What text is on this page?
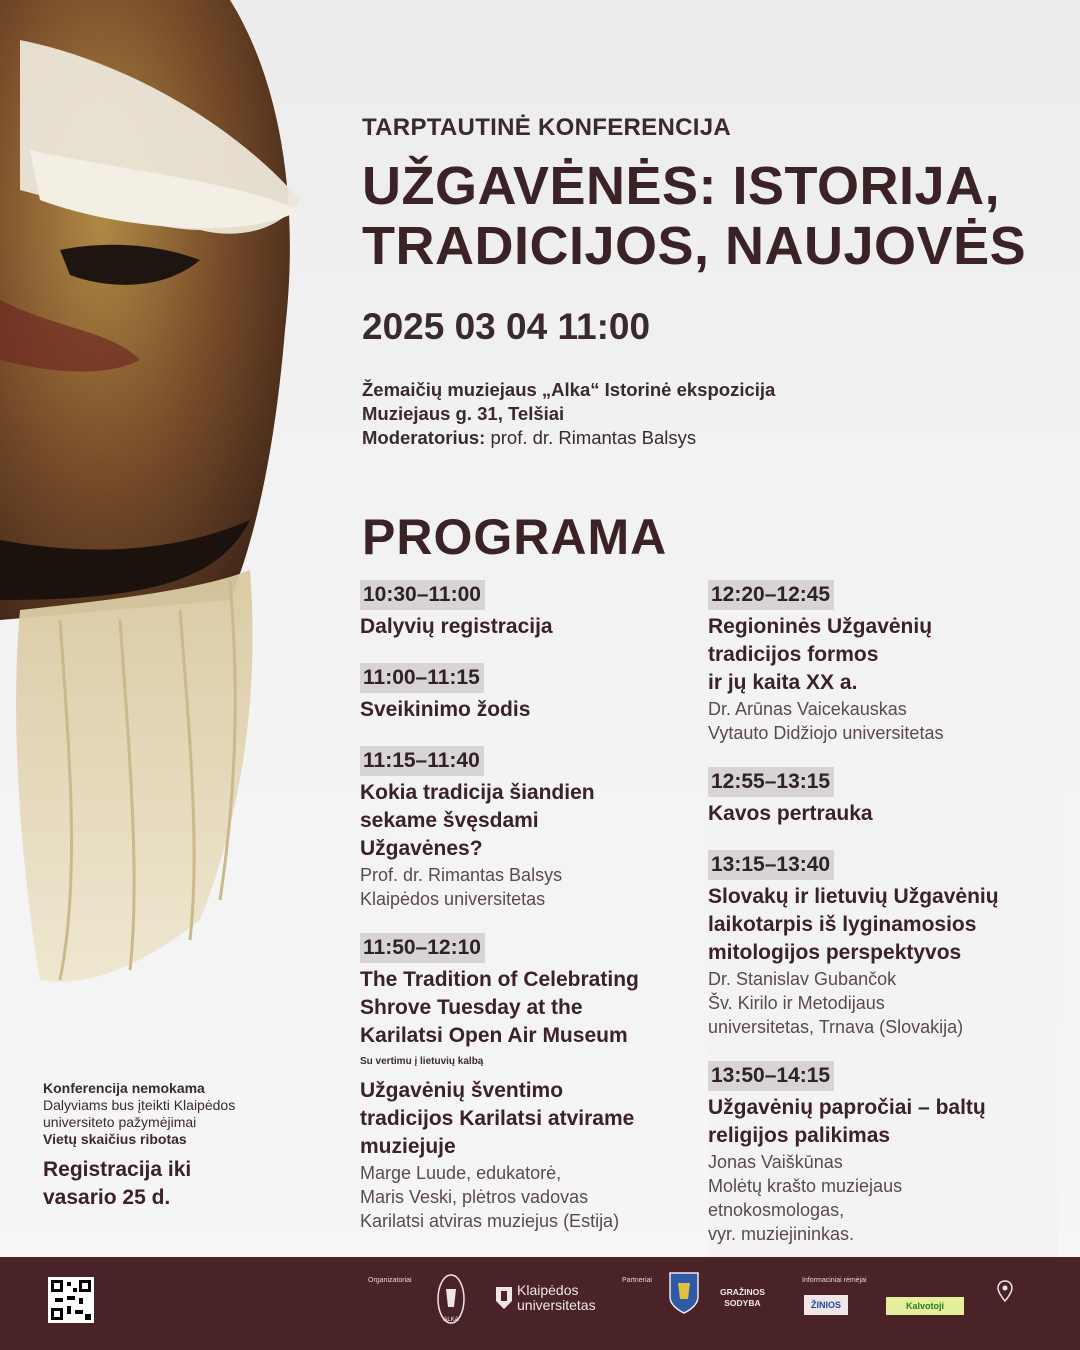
TARPTAUTINĖ KONFERENCIJA
UŽGAVĖNĖS: ISTORIJA,
TRADICIJOS, NAUJOVĖS
2025 03 04 11:00
Žemaičių muziejaus „Alka“ Istorinė ekspozicija
Muziejaus g. 31, Telšiai
Moderatorius: prof. dr. Rimantas Balsys
PROGRAMA
10:30–11:00
Dalyvių registracija
11:00–11:15
Sveikinimo žodis
11:15–11:40
Kokia tradicija šiandien
sekame švęsdami
Užgavėnes?
Prof. dr. Rimantas Balsys
Klaipėdos universitetas
11:50–12:10
The Tradition of Celebrating
Shrove Tuesday at the
Karilatsi Open Air Museum
Su vertimu į lietuvių kalbą
Užgavėnių šventimo
tradicijos Karilatsi atvirame
muziejuje
Marge Luude, edukatorė,
Maris Veski, plėtros vadovas
Karilatsi atviras muziejus (Estija)
12:20–12:45
Regioninės Užgavėnių
tradicijos formos
ir jų kaita XX a.
Dr. Arūnas Vaicekauskas
Vytauto Didžiojo universitetas
12:55–13:15
Kavos pertrauka
13:15–13:40
Slovakų ir lietuvių Užgavėnių
laikotarpis iš lyginamosios
mitologijos perspektyvos
Dr. Stanislav Gubančok
Šv. Kirilo ir Metodijaus
universitetas, Trnava (Slovakija)
13:50–14:15
Užgavėnių papročiai – baltų
religijos palikimas
Jonas Vaiškūnas
Molėtų krašto muziejaus
etnokosmologas,
vyr. muziejininkas.
Konferencija nemokama
Dalyviams bus įteikti Klaipėdos
universiteto pažymėjimai
Vietų skaičius ribotas
Registracija iki
vasario 25 d.
Organizatoriai
ALKA
Klaipėdos
universitetas
Partneriai
GRAŽINOS
SODYBA
Informaciniai rėmėjai
ŽINIOS	Kalvotoji
